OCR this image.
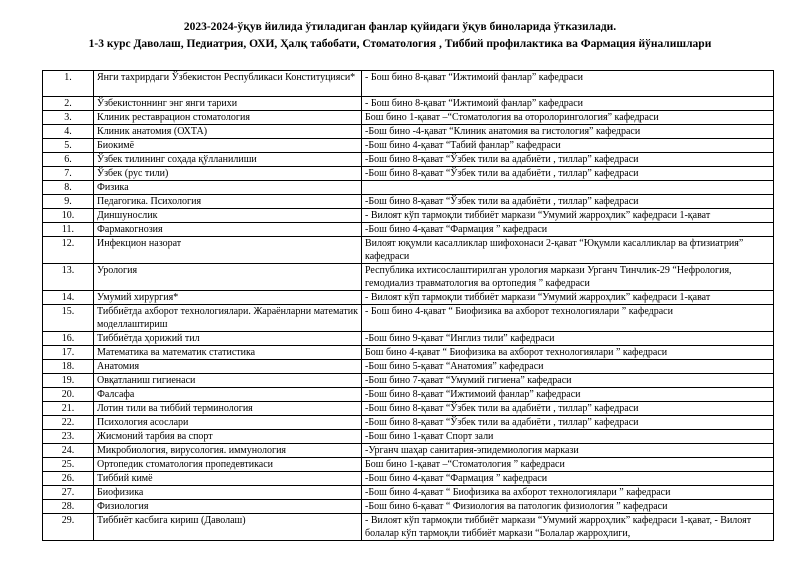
2023-2024-ўқув йилида ўтиладиган фанлар қуйидаги ўқув биноларида ўтказилади.
1-3 курс Даволаш, Педиатрия, ОХИ, Ҳалқ табобати, Стоматология , Тиббий профилактика ва Фармация йўналишлари
1.	Янги тахрирдаги Ўзбекистон Республикаси Конституцияси*	- Бош бино 8-қават “Ижтимоий фанлар” кафедраси
2.	Ўзбекистоннинг энг янги тарихи	- Бош бино 8-қават “Ижтимоий фанлар” кафедраси
3.	Клиник реставрацион стоматология	Бош бино 1-қават –“Стоматология ва оторолорингология” кафедраси
4.	Клиник анатомия (ОХТА)	-Бош бино -4-қават “Клиник анатомия ва гистология” кафедраси
5.	Биокимё	-Бош бино 4-қават “Табий фанлар” кафедраси
6.	Ўзбек тилининг соҳада қўлланилиши	-Бош бино 8-қават “Ўзбек тили ва адабиёти , тиллар” кафедраси
7.	Ўзбек (рус тили)	-Бош бино 8-қават “Ўзбек тили ва адабиёти , тиллар” кафедраси
8.	Физика	
9.	Педагогика. Психология	-Бош бино 8-қават “Ўзбек тили ва адабиёти , тиллар” кафедраси
10.	Диншунослик	- Вилоят кўп тармоқли тиббиёт маркази “Умумий жарроҳлик” кафедраси 1-қават
11.	Фармакогнозия	-Бош бино 4-қават “Фармация ” кафедраси
12.	Инфекцион назорат	Вилоят юқумли касалликлар шифохонаси 2-қават “Юқумли касалликлар ва фтизиатрия” кафедраси
13.	Урология	Республика ихтисослаштирилган урология маркази Урганч Тинчлик-29 “Нефрология, гемодиализ травматология ва ортопедия ” кафедраси
14.	Умумий хирургия*	- Вилоят кўп тармоқли тиббиёт маркази “Умумий жарроҳлик” кафедраси 1-қават
15.	Тиббиётда ахборот технологиялари. Жараёнларни математик моделлаштириш	- Бош бино 4-қават “ Биофизика ва ахборот технологиялари ” кафедраси
16.	Тиббиётда ҳорижий тил	-Бош бино 9-қават “Инглиз тили” кафедраси
17.	Математика ва математик статистика	Бош бино 4-қават “ Биофизика ва ахборот технологиялари ” кафедраси
18.	Анатомия	-Бош бино 5-қават “Анатомия” кафедраси
19.	Овқатланиш гигиенаси	-Бош бино 7-қават “Умумий гигиена” кафедраси
20.	Фалсафа	-Бош бино 8-қават “Ижтимоий фанлар” кафедраси
21.	Лотин тили ва тиббий терминология	-Бош бино 8-қават “Ўзбек тили ва адабиёти , тиллар” кафедраси
22.	Психология асослари	-Бош бино 8-қават “Ўзбек тили ва адабиёти , тиллар” кафедраси
23.	Жисмоний тарбия ва спорт	-Бош бино 1-қават Спорт зали
24.	Микробиология, вирусология. иммунология	-Урганч шаҳар санитария-эпидемиология маркази
25.	Ортопедик стоматология пропедевтикаси	Бош бино 1-қават –“Стоматология ” кафедраси
26.	Тиббий кимё	-Бош бино 4-қават “Фармация ” кафедраси
27.	Биофизика	-Бош бино 4-қават “ Биофизика ва ахборот технологиялари ” кафедраси
28.	Физиология	-Бош бино 6-қават “ Физиология ва патологик физиология ” кафедраси
29.	Тиббиёт касбига кириш (Даволаш)	- Вилоят кўп тармоқли тиббиёт маркази “Умумий жарроҳлик” кафедраси 1-қават, - Вилоят болалар кўп тармоқли тиббиёт маркази “Болалар жарроҳлиги,
